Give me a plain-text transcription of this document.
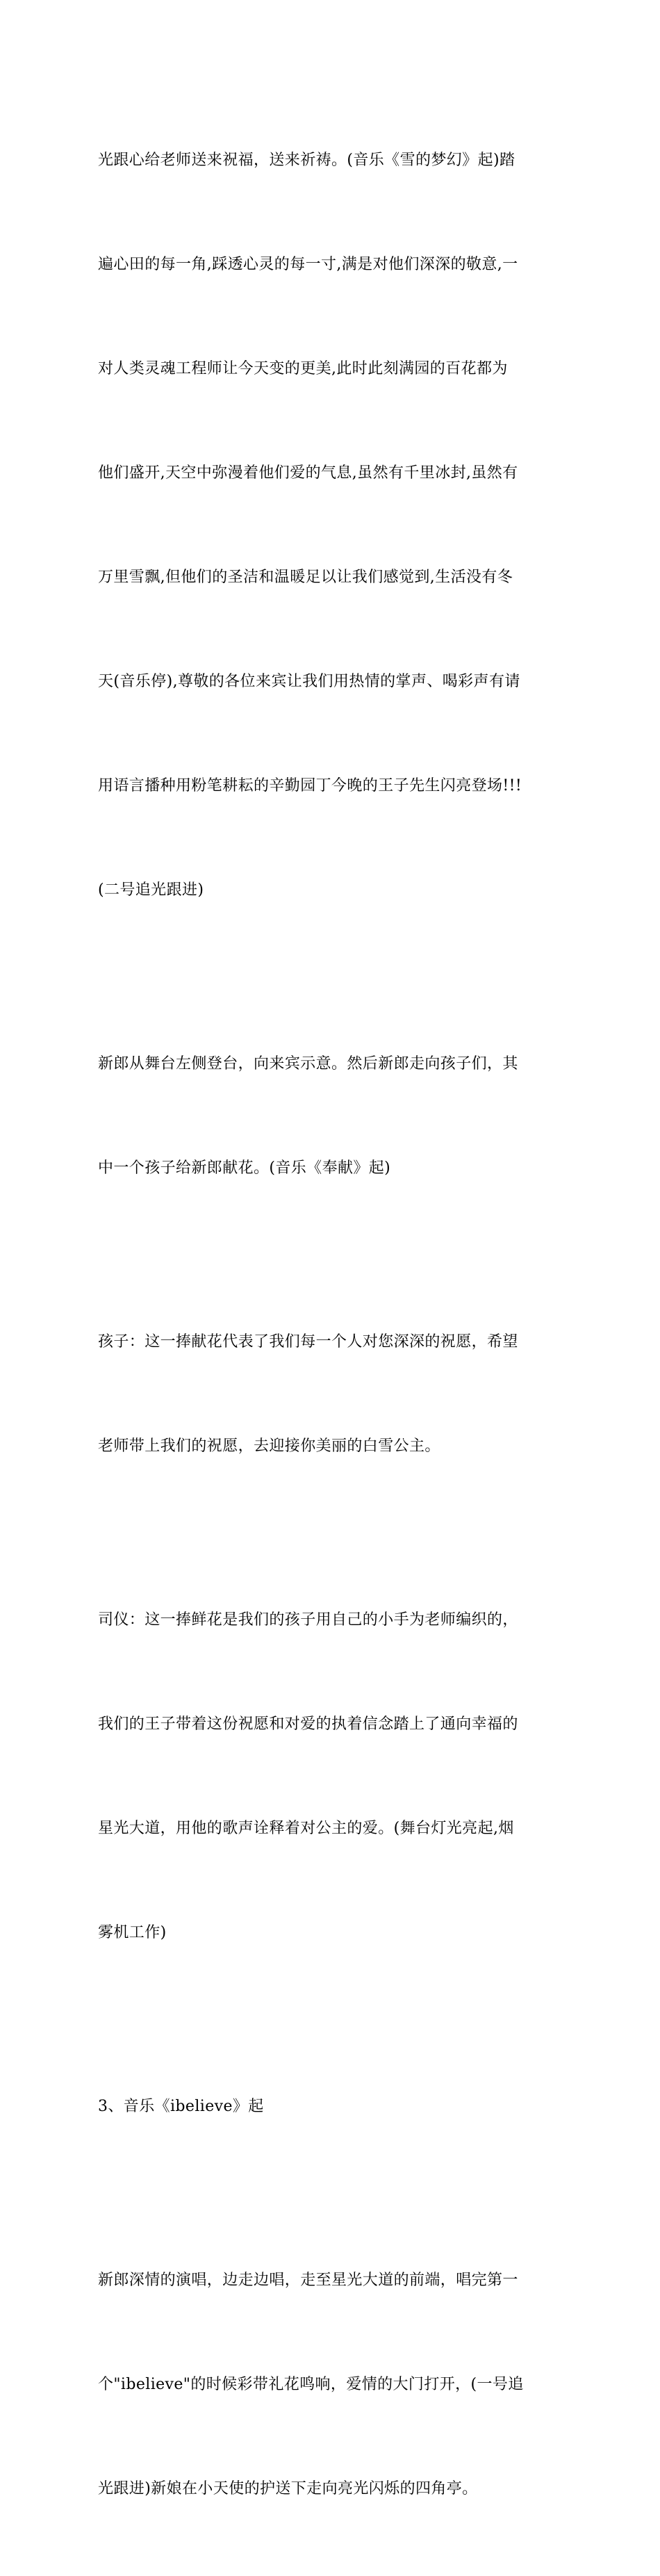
光跟心给老师送来祝福，送来祈祷。(音乐《雪的梦幻》起)踏

遍心田的每一角,踩透心灵的每一寸,满是对他们深深的敬意,一

对人类灵魂工程师让今天变的更美,此时此刻满园的百花都为

他们盛开,天空中弥漫着他们爱的气息,虽然有千里冰封,虽然有

万里雪飘,但他们的圣洁和温暖足以让我们感觉到,生活没有冬

天(音乐停),尊敬的各位来宾让我们用热情的掌声、喝彩声有请

用语言播种用粉笔耕耘的辛勤园丁今晚的王子先生闪亮登场!!!

(二号追光跟进)

新郎从舞台左侧登台，向来宾示意。然后新郎走向孩子们，其

中一个孩子给新郎献花。(音乐《奉献》起)

孩子：这一捧献花代表了我们每一个人对您深深的祝愿，希望

老师带上我们的祝愿，去迎接你美丽的白雪公主。

司仪：这一捧鲜花是我们的孩子用自己的小手为老师编织的，

我们的王子带着这份祝愿和对爱的执着信念踏上了通向幸福的

星光大道，用他的歌声诠释着对公主的爱。(舞台灯光亮起,烟

雾机工作)

3、音乐《ibelieve》起

新郎深情的演唱，边走边唱，走至星光大道的前端，唱完第一

个"ibelieve"的时候彩带礼花鸣响，爱情的大门打开，(一号追

光跟进)新娘在小天使的护送下走向亮光闪烁的四角亭。
